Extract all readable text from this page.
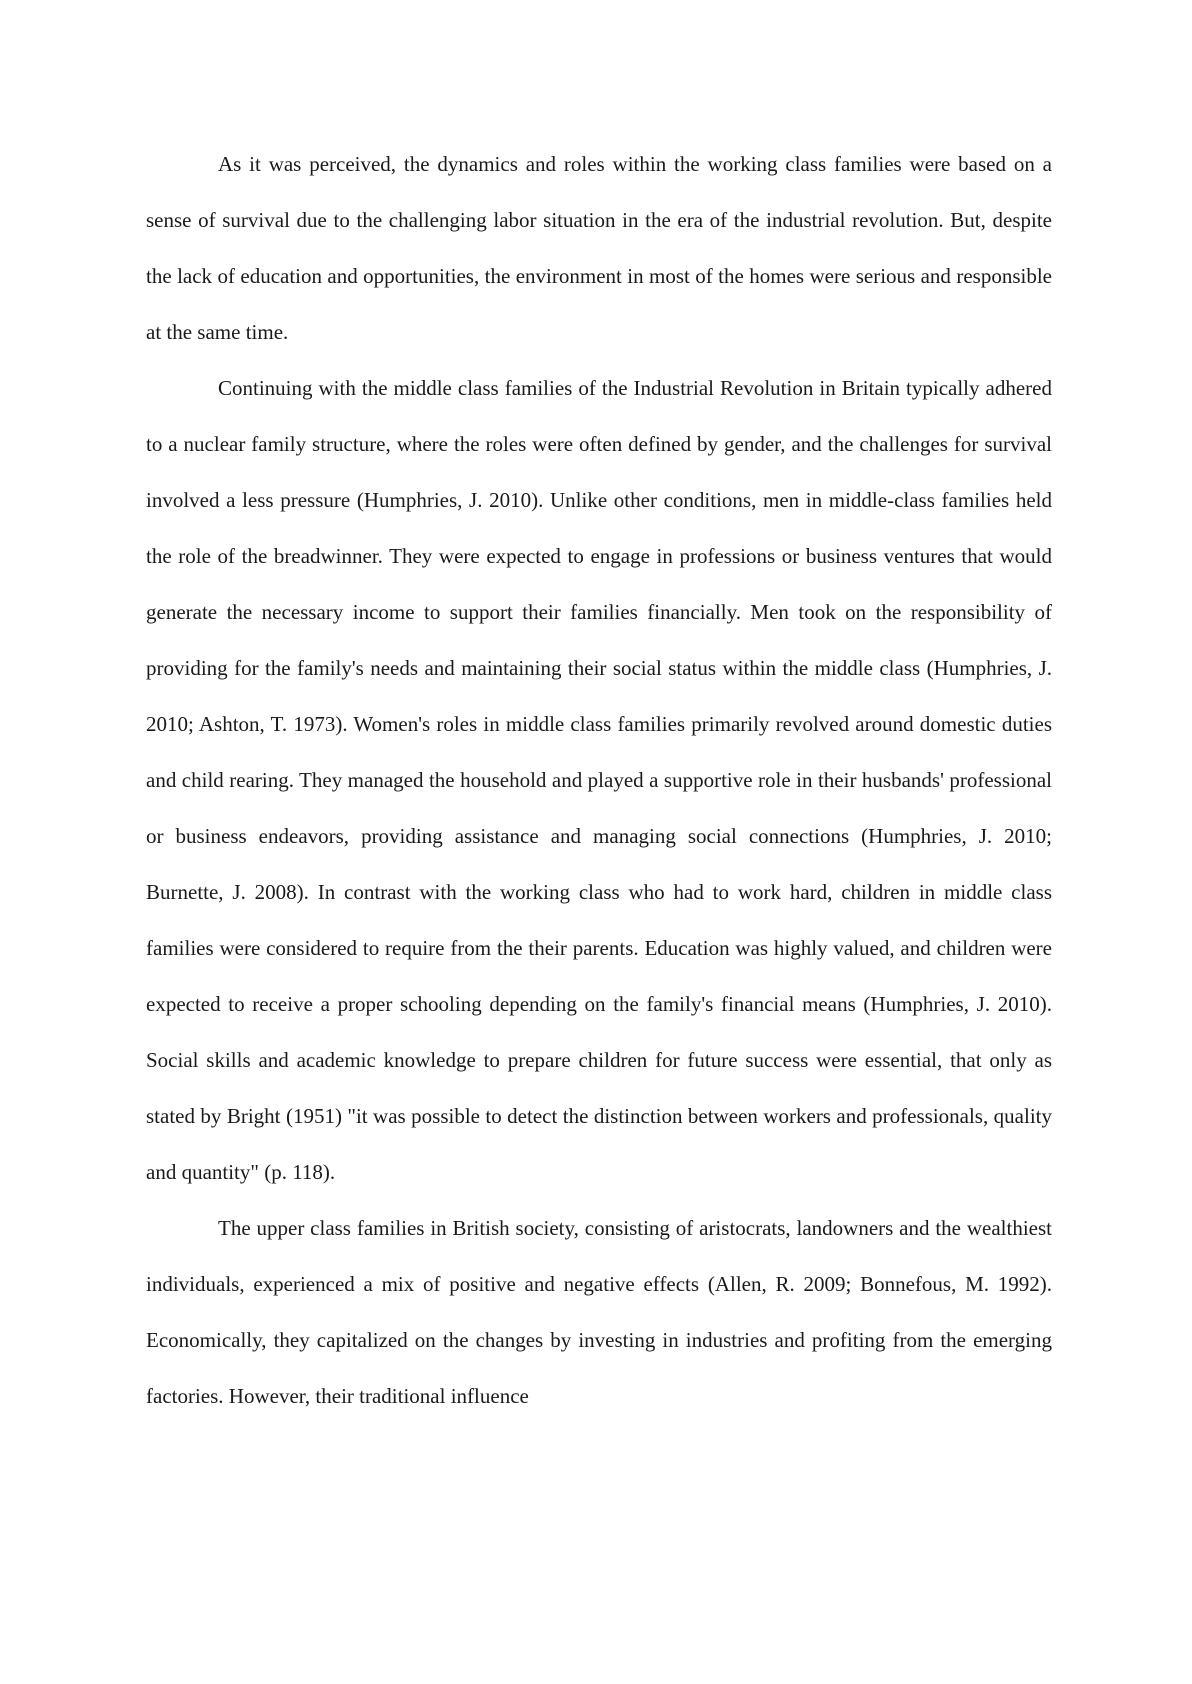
As it was perceived, the dynamics and roles within the working class families were based on a sense of survival due to the challenging labor situation in the era of the industrial revolution. But, despite the lack of education and opportunities, the environment in most of the homes were serious and responsible at the same time.

Continuing with the middle class families of the Industrial Revolution in Britain typically adhered to a nuclear family structure, where the roles were often defined by gender, and the challenges for survival involved a less pressure (Humphries, J. 2010). Unlike other conditions, men in middle-class families held the role of the breadwinner. They were expected to engage in professions or business ventures that would generate the necessary income to support their families financially. Men took on the responsibility of providing for the family's needs and maintaining their social status within the middle class (Humphries, J. 2010; Ashton, T. 1973). Women's roles in middle class families primarily revolved around domestic duties and child rearing. They managed the household and played a supportive role in their husbands' professional or business endeavors, providing assistance and managing social connections (Humphries, J. 2010; Burnette, J. 2008). In contrast with the working class who had to work hard, children in middle class families were considered to require from the their parents. Education was highly valued, and children were expected to receive a proper schooling depending on the family's financial means (Humphries, J. 2010). Social skills and academic knowledge to prepare children for future success were essential, that only as stated by Bright (1951) "it was possible to detect the distinction between workers and professionals, quality and quantity" (p. 118).

The upper class families in British society, consisting of aristocrats, landowners and the wealthiest individuals, experienced a mix of positive and negative effects (Allen, R. 2009; Bonnefous, M. 1992). Economically, they capitalized on the changes by investing in industries and profiting from the emerging factories. However, their traditional influence
